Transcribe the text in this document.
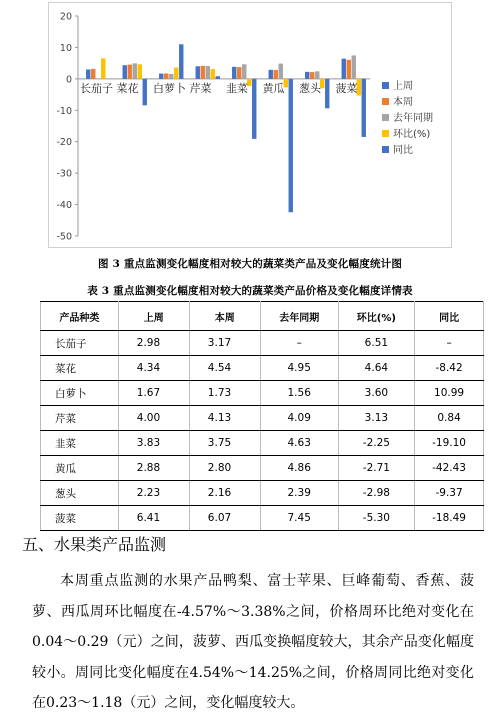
20
10
0
-10
-20
-30
-40
-50
长茄子 菜花 白萝卜 芹菜 韭菜 黄瓜 葱头 菠菜	上周
本周
去年同期
环比(%)
同比
图 3 重点监测变化幅度相对较大的蔬菜类产品及变化幅度统计图
表 3 重点监测变化幅度相对较大的蔬菜类产品价格及变化幅度详情表
产品种类	上周	本周	去年同期	环比(%)	同比
长茄子	2.98	3.17	–	6.51	–
菜花	4.34	4.54	4.95	4.64	-8.42
白萝卜	1.67	1.73	1.56	3.60	10.99
芹菜	4.00	4.13	4.09	3.13	0.84
韭菜	3.83	3.75	4.63	-2.25	-19.10
黄瓜	2.88	2.80	4.86	-2.71	-42.43
葱头	2.23	2.16	2.39	-2.98	-9.37
菠菜	6.41	6.07	7.45	-5.30	-18.49
五、水果类产品监测
本周重点监测的水果产品鸭梨、富士苹果、巨峰葡萄、香蕉、菠萝、西瓜周环比幅度在-4.57%～3.38%之间，价格周环比绝对变化在0.04～0.29（元）之间，菠萝、西瓜变换幅度较大，其余产品变化幅度较小。周同比变化幅度在4.54%～14.25%之间，价格周同比绝对变化在0.23～1.18（元）之间，变化幅度较大。
